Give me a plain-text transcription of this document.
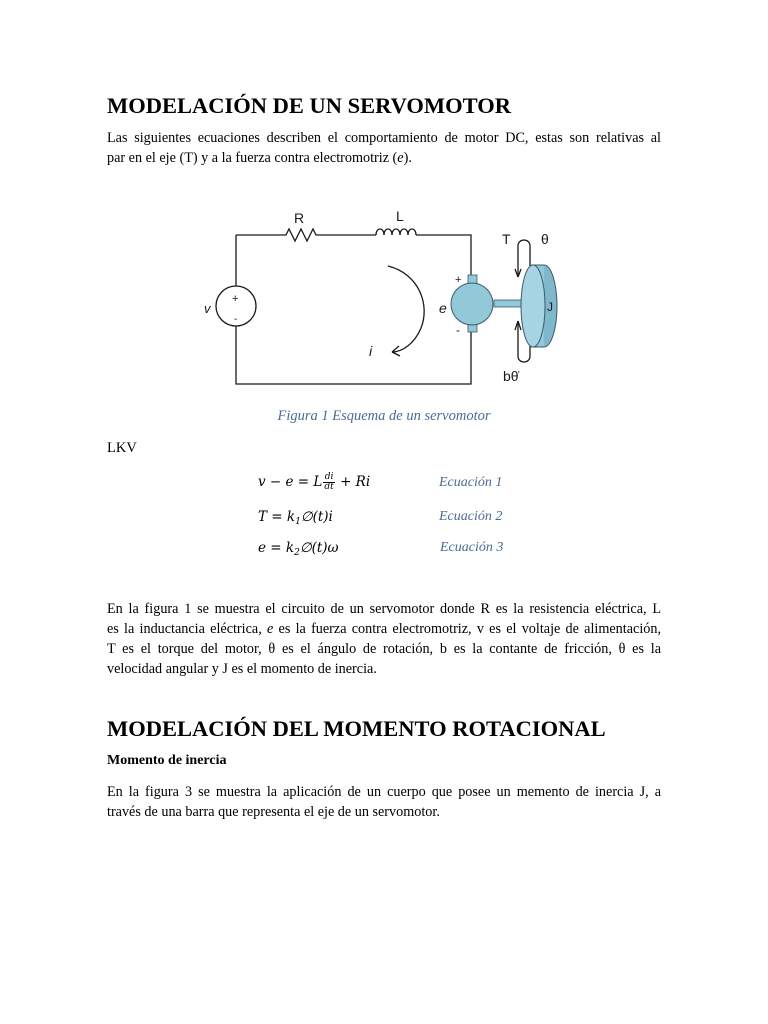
MODELACIÓN DE UN SERVOMOTOR

Las siguientes ecuaciones describen el comportamiento de motor DC, estas son relativas al
par en el eje (T) y a la fuerza contra electromotriz (e).

R	L
+
-
v	e
+
-
i
T θ
J
bθ̇

Figura 1 Esquema de un servomotor

LKV

v − e = L $\frac{di}{dt} + Ri$	Ecuación 1
$T = k_1\emptyset(t)i$	Ecuación 2
$e = k_2\emptyset(t)\omega$	Ecuación 3

En la figura 1 se muestra el circuito de un servomotor donde R es la resistencia eléctrica, L
es la inductancia eléctrica, e es la fuerza contra electromotriz, v es el voltaje de alimentación,
T es el torque del motor, θ es el ángulo de rotación, b es la contante de fricción, θ es la
velocidad angular y J es el momento de inercia.

MODELACIÓN DEL MOMENTO ROTACIONAL

Momento de inercia

En la figura 3 se muestra la aplicación de un cuerpo que posee un memento de inercia J, a
través de una barra que representa el eje de un servomotor.
